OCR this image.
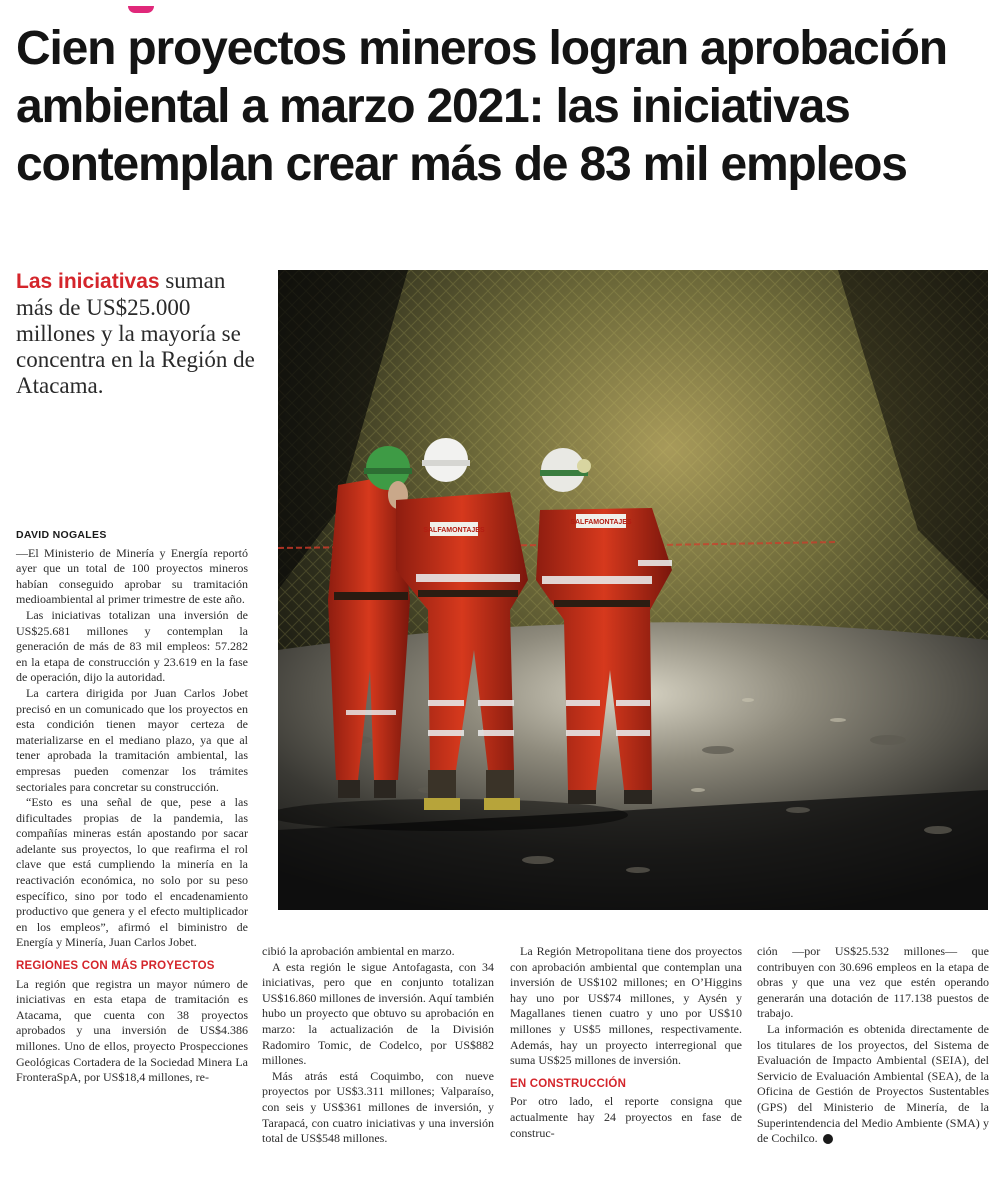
Cien proyectos mineros logran aprobación ambiental a marzo 2021: las iniciativas contemplan crear más de 83 mil empleos
Las iniciativas suman más de US$25.000 millones y la mayoría se concentra en la Región de Atacama.
SALFAMONTAJES
SALFAMONTAJES
DAVID NOGALES

—El Ministerio de Minería y Energía reportó ayer que un total de 100 proyectos mineros habían conseguido aprobar su tramitación medioambiental al primer trimestre de este año.

Las iniciativas totalizan una inversión de US$25.681 millones y contemplan la generación de más de 83 mil empleos: 57.282 en la etapa de construcción y 23.619 en la fase de operación, dijo la autoridad.

La cartera dirigida por Juan Carlos Jobet precisó en un comunicado que los proyectos en esta condición tienen mayor certeza de materializarse en el mediano plazo, ya que al tener aprobada la tramitación ambiental, las empresas pueden comenzar los trámites sectoriales para concretar su construcción.

“Esto es una señal de que, pese a las dificultades propias de la pandemia, las compañías mineras están apostando por sacar adelante sus proyectos, lo que reafirma el rol clave que está cumpliendo la minería en la reactivación económica, no solo por su peso específico, sino por todo el encadenamiento productivo que genera y el efecto multiplicador en los empleos”, afirmó el biministro de Energía y Minería, Juan Carlos Jobet.

REGIONES CON MÁS PROYECTOS

La región que registra un mayor número de iniciativas en esta etapa de tramitación es Atacama, que cuenta con 38 proyectos aprobados y una inversión de US$4.386 millones. Uno de ellos, proyecto Prospecciones Geológicas Cortadera de la Sociedad Minera La FronteraSpA, por US$18,4 millones, re-

cibió la aprobación ambiental en marzo.

A esta región le sigue Antofagasta, con 34 iniciativas, pero que en conjunto totalizan US$16.860 millones de inversión. Aquí también hubo un proyecto que obtuvo su aprobación en marzo: la actualización de la División Radomiro Tomic, de Codelco, por US$882 millones.

Más atrás está Coquimbo, con nueve proyectos por US$3.311 millones; Valparaíso, con seis y US$361 millones de inversión, y Tarapacá, con cuatro iniciativas y una inversión total de US$548 millones.

La Región Metropolitana tiene dos proyectos con aprobación ambiental que contemplan una inversión de US$102 millones; en O’Higgins hay uno por US$74 millones, y Aysén y Magallanes tienen cuatro y uno por US$10 millones y US$5 millones, respectivamente. Además, hay un proyecto interregional que suma US$25 millones de inversión.

EN CONSTRUCCIÓN

Por otro lado, el reporte consigna que actualmente hay 24 proyectos en fase de construc-

ción —por US$25.532 millones— que contribuyen con 30.696 empleos en la etapa de obras y que una vez que estén operando generarán una dotación de 117.138 puestos de trabajo.

La información es obtenida directamente de los titulares de los proyectos, del Sistema de Evaluación de Impacto Ambiental (SEIA), del Servicio de Evaluación Ambiental (SEA), de la Oficina de Gestión de Proyectos Sustentables (GPS) del Ministerio de Minería, de la Superintendencia del Medio Ambiente (SMA) y de Cochilco. P
